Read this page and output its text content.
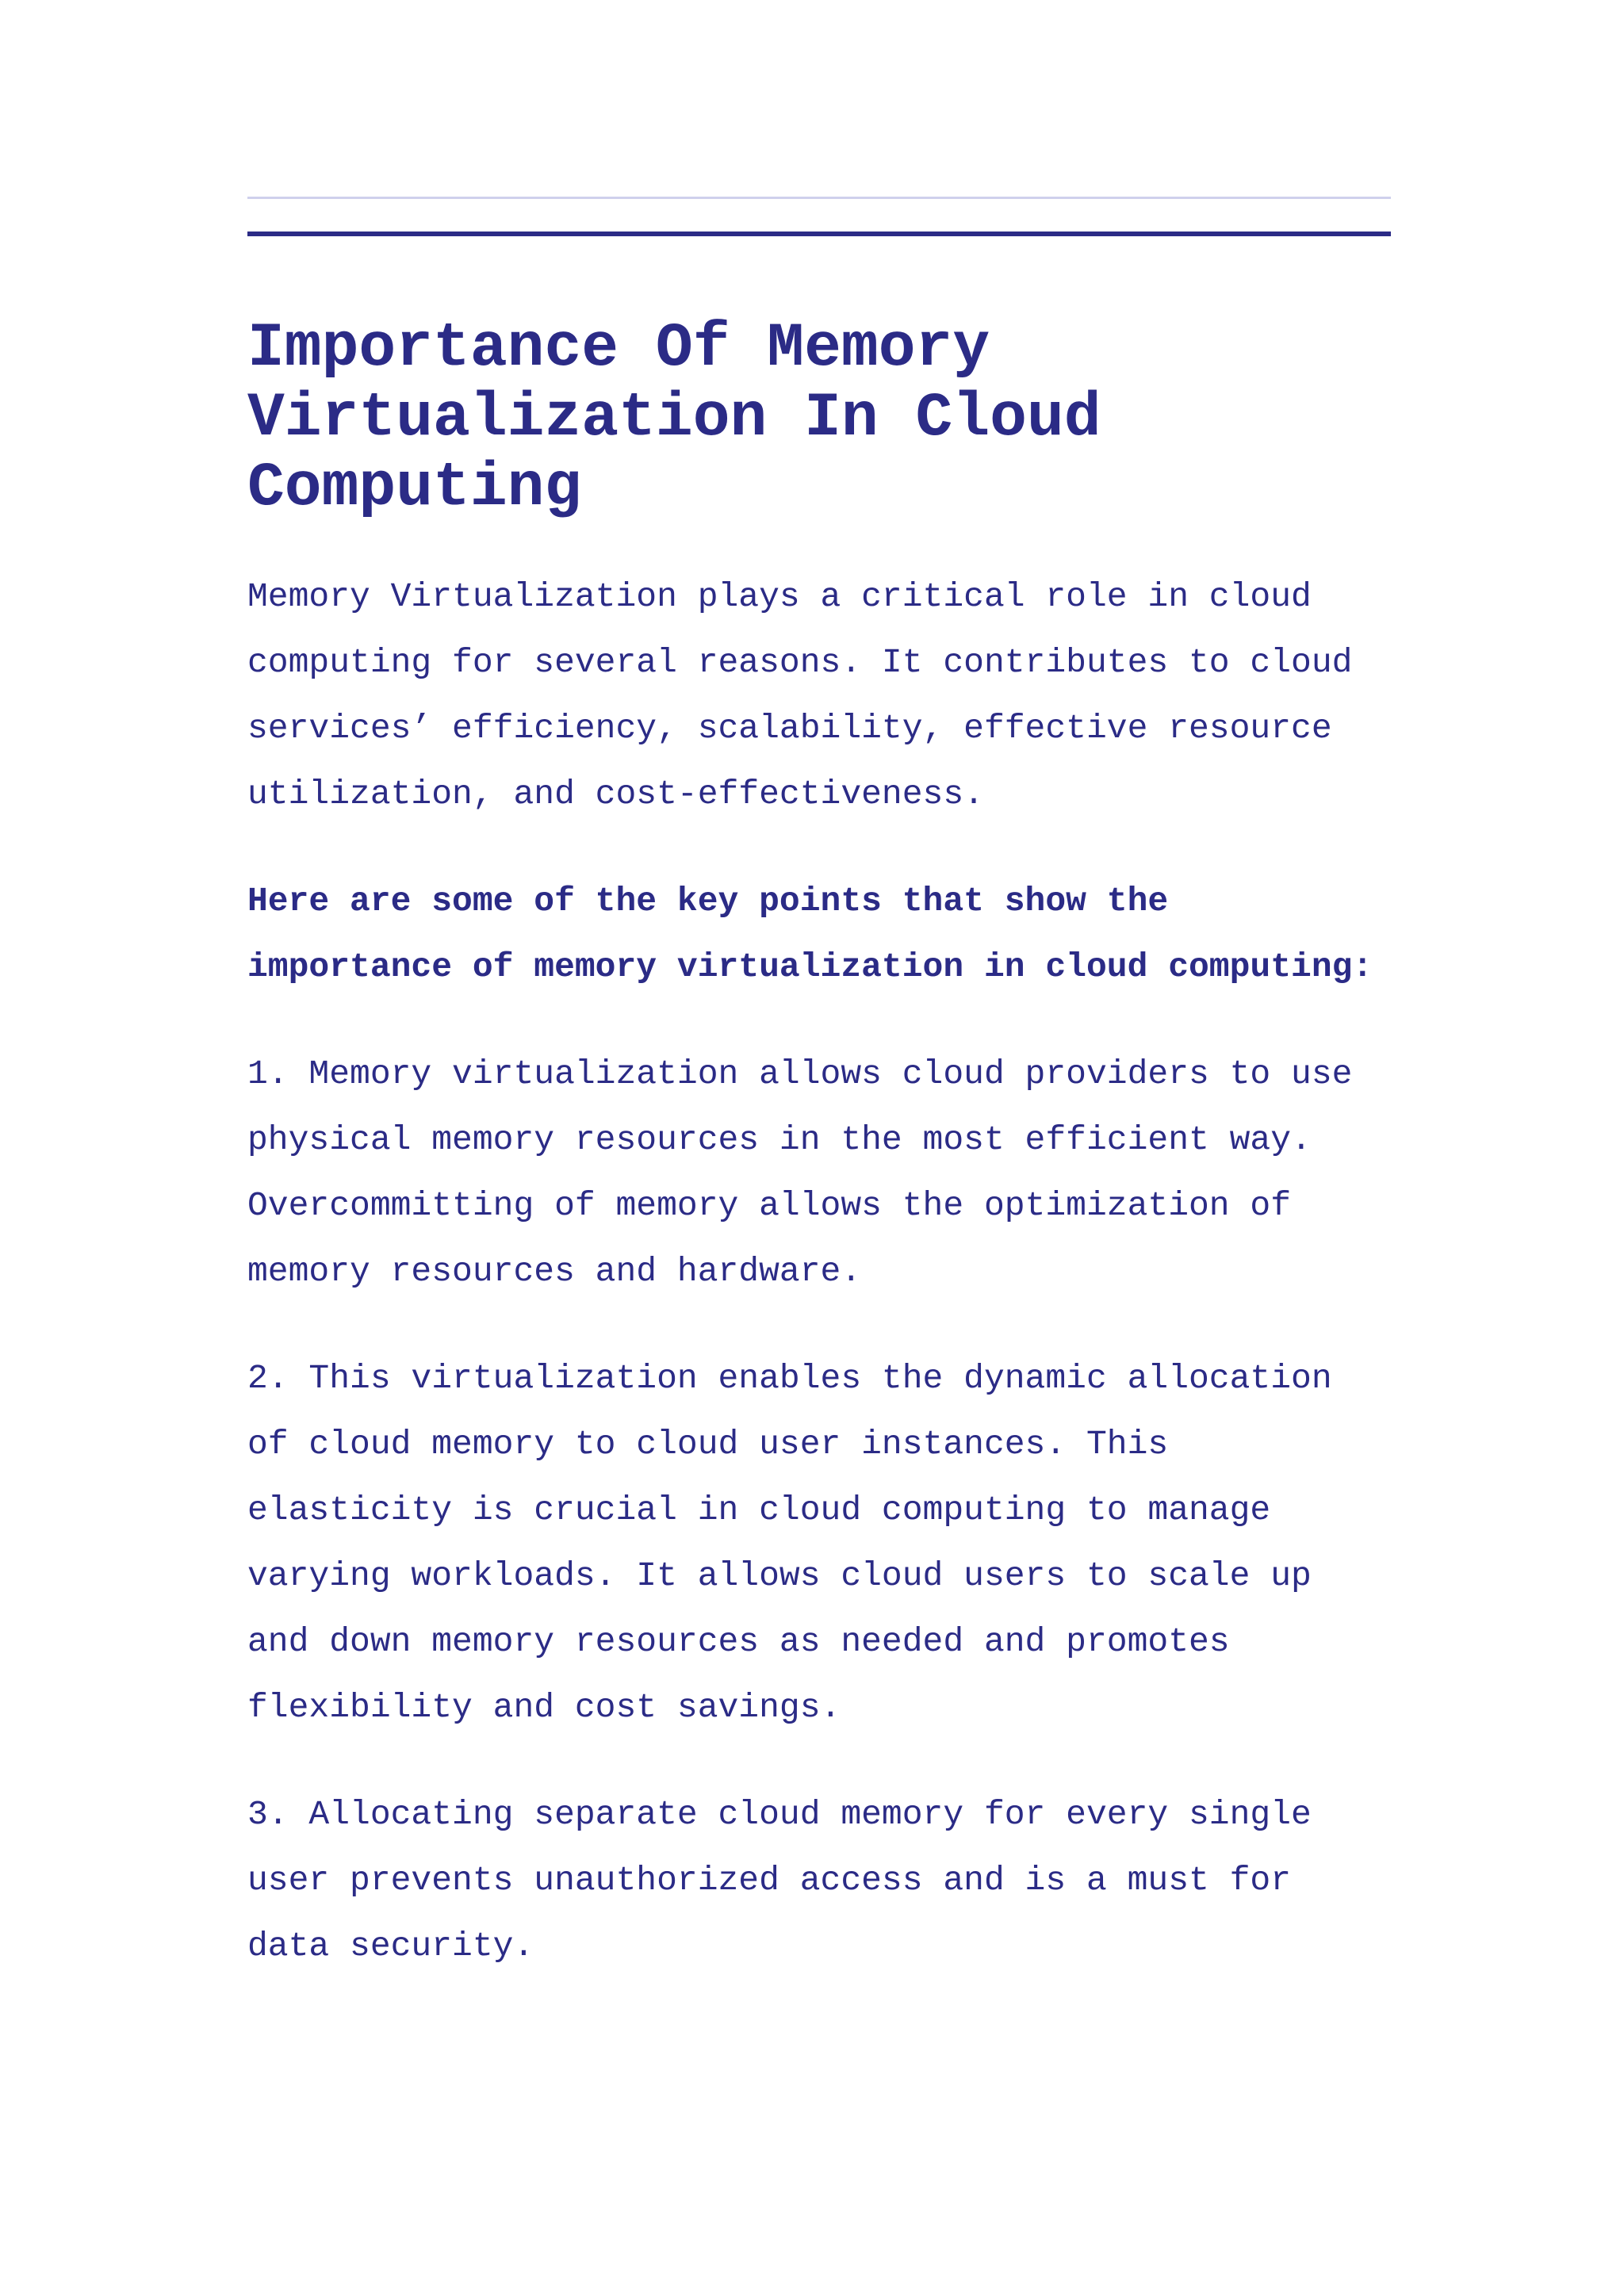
Importance Of Memory Virtualization In Cloud Computing

Memory Virtualization plays a critical role in cloud computing for several reasons. It contributes to cloud services’ efficiency, scalability, effective resource utilization, and cost-effectiveness.

Here are some of the key points that show the importance of memory virtualization in cloud computing:

1. Memory virtualization allows cloud providers to use physical memory resources in the most efficient way. Overcommitting of memory allows the optimization of memory resources and hardware.

2. This virtualization enables the dynamic allocation of cloud memory to cloud user instances. This elasticity is crucial in cloud computing to manage varying workloads. It allows cloud users to scale up and down memory resources as needed and promotes flexibility and cost savings.

3. Allocating separate cloud memory for every single user prevents unauthorized access and is a must for data security.
